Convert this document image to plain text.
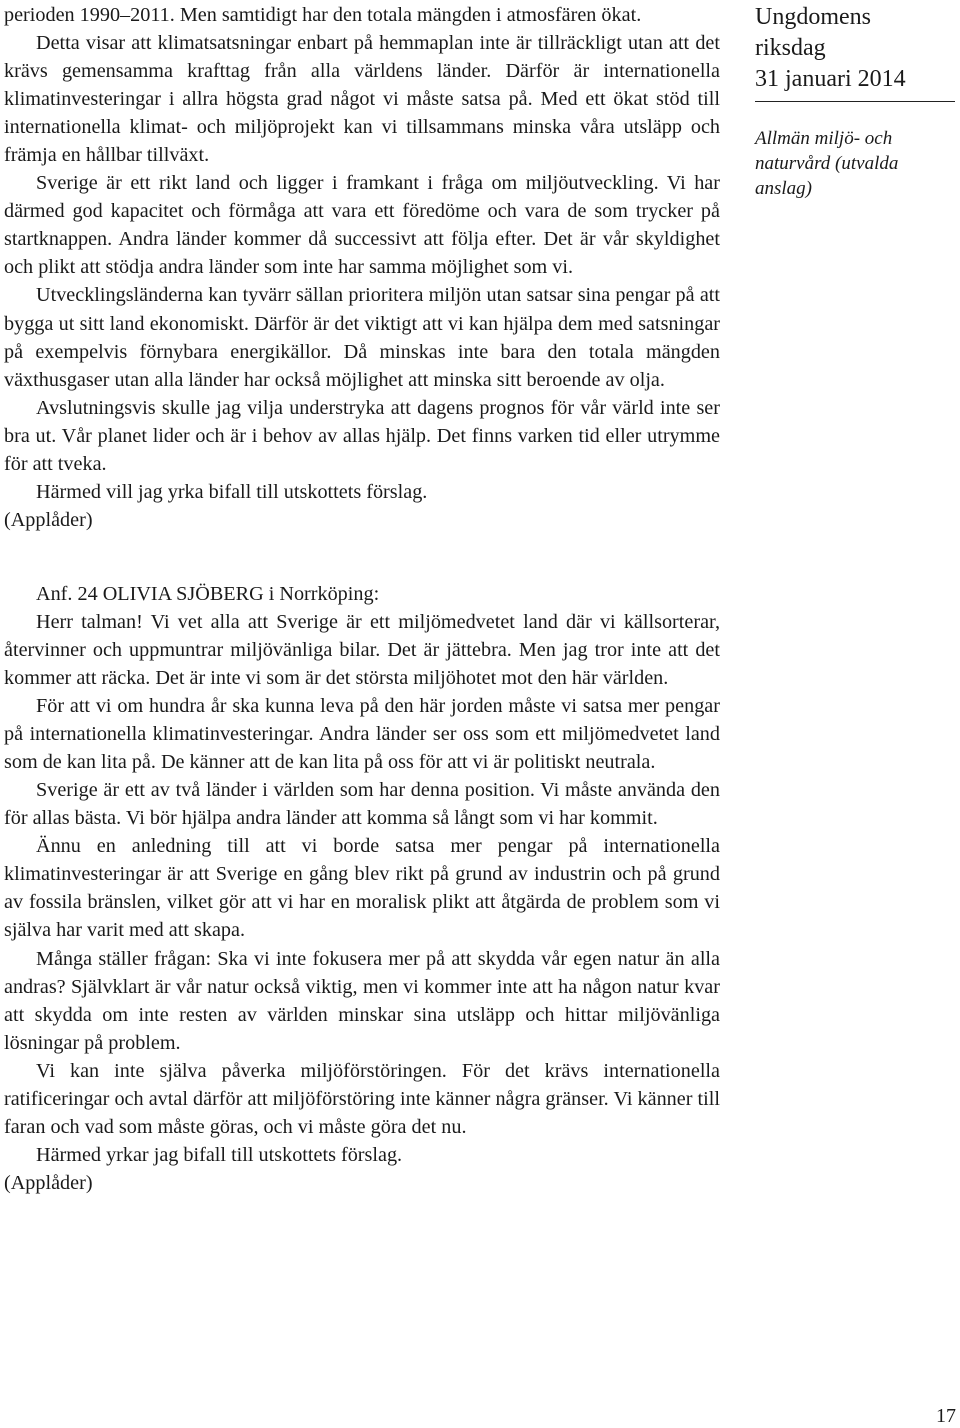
perioden 1990–2011. Men samtidigt har den totala mängden i atmosfären ökat.

Detta visar att klimatsatsningar enbart på hemmaplan inte är tillräckligt utan att det krävs gemensamma krafttag från alla världens länder. Därför är internationella klimatinvesteringar i allra högsta grad något vi måste satsa på. Med ett ökat stöd till internationella klimat- och miljöprojekt kan vi tillsammans minska våra utsläpp och främja en hållbar tillväxt.

Sverige är ett rikt land och ligger i framkant i fråga om miljöutveckling. Vi har därmed god kapacitet och förmåga att vara ett föredöme och vara de som trycker på startknappen. Andra länder kommer då successivt att följa efter. Det är vår skyldighet och plikt att stödja andra länder som inte har samma möjlighet som vi.

Utvecklingsländerna kan tyvärr sällan prioritera miljön utan satsar sina pengar på att bygga ut sitt land ekonomiskt. Därför är det viktigt att vi kan hjälpa dem med satsningar på exempelvis förnybara energikällor. Då minskas inte bara den totala mängden växthusgaser utan alla länder har också möjlighet att minska sitt beroende av olja.

Avslutningsvis skulle jag vilja understryka att dagens prognos för vår värld inte ser bra ut. Vår planet lider och är i behov av allas hjälp. Det finns varken tid eller utrymme för att tveka.

Härmed vill jag yrka bifall till utskottets förslag.

(Applåder)

Anf. 24 OLIVIA SJÖBERG i Norrköping:

Herr talman! Vi vet alla att Sverige är ett miljömedvetet land där vi källsorterar, återvinner och uppmuntrar miljövänliga bilar. Det är jättebra. Men jag tror inte att det kommer att räcka. Det är inte vi som är det största miljöhotet mot den här världen.

För att vi om hundra år ska kunna leva på den här jorden måste vi satsa mer pengar på internationella klimatinvesteringar. Andra länder ser oss som ett miljömedvetet land som de kan lita på. De känner att de kan lita på oss för att vi är politiskt neutrala.

Sverige är ett av två länder i världen som har denna position. Vi måste använda den för allas bästa. Vi bör hjälpa andra länder att komma så långt som vi har kommit.

Ännu en anledning till att vi borde satsa mer pengar på internationella klimatinvesteringar är att Sverige en gång blev rikt på grund av industrin och på grund av fossila bränslen, vilket gör att vi har en moralisk plikt att åtgärda de problem som vi själva har varit med att skapa.

Många ställer frågan: Ska vi inte fokusera mer på att skydda vår egen natur än alla andras? Självklart är vår natur också viktig, men vi kommer inte att ha någon natur kvar att skydda om inte resten av världen minskar sina utsläpp och hittar miljövänliga lösningar på problem.

Vi kan inte själva påverka miljöförstöringen. För det krävs internationella ratificeringar och avtal därför att miljöförstöring inte känner några gränser. Vi känner till faran och vad som måste göras, och vi måste göra det nu.

Härmed yrkar jag bifall till utskottets förslag.

(Applåder)

Ungdomens
riksdag
31 januari 2014
Allmän miljö- och naturvård (utvalda anslag)
17
